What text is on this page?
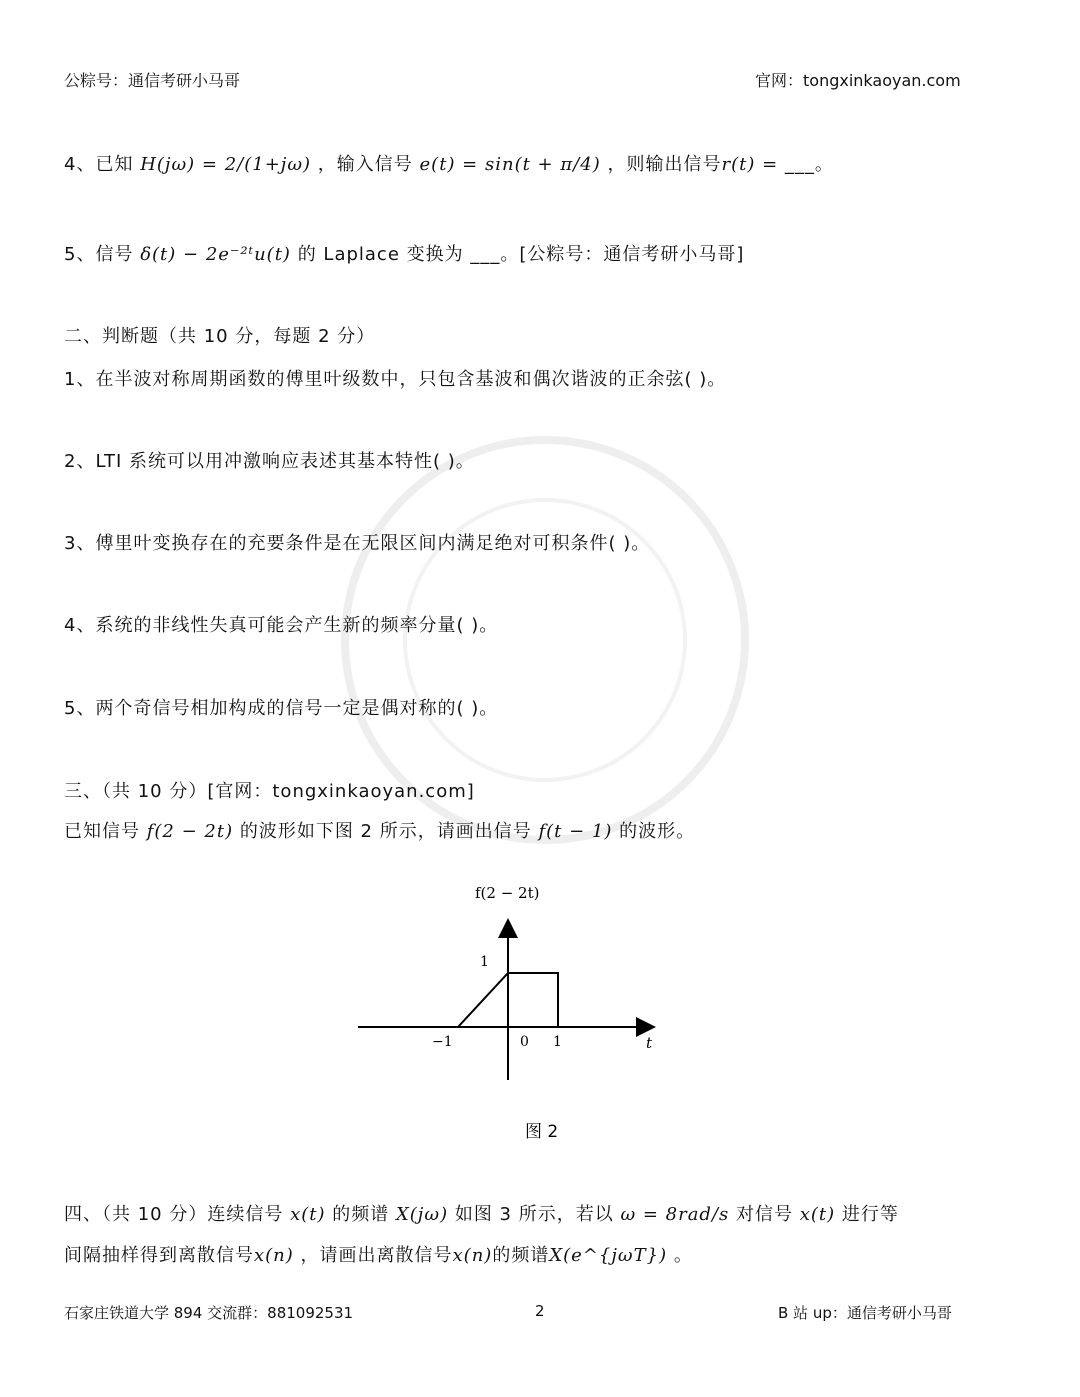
公粽号：通信考研小马哥	官网：tongxinkaoyan.com
4、已知 H(jω) = 2/(1+jω) ，输入信号 e(t) = sin(t + π/4) ，则输出信号r(t) = ___。
5、信号 δ(t) − 2e⁻²ᵗu(t) 的 Laplace 变换为 ___。[公粽号：通信考研小马哥]
二、判断题（共 10 分，每题 2 分）
1、在半波对称周期函数的傅里叶级数中，只包含基波和偶次谐波的正余弦( )。
2、LTI 系统可以用冲激响应表述其基本特性( )。
3、傅里叶变换存在的充要条件是在无限区间内满足绝对可积条件( )。
4、系统的非线性失真可能会产生新的频率分量( )。
5、两个奇信号相加构成的信号一定是偶对称的( )。
三、（共 10 分）[官网：tongxinkaoyan.com]
已知信号 f(2 − 2t) 的波形如下图 2 所示，请画出信号 f(t − 1) 的波形。
f(2 − 2t)
t
1
−1	0 1
图 2
四、（共 10 分）连续信号 x(t) 的频谱 X(jω) 如图 3 所示，若以 ω = 8rad/s 对信号 x(t) 进行等
间隔抽样得到离散信号x(n) ，请画出离散信号x(n)的频谱X(e^{jωT}) 。
石家庄铁道大学 894 交流群：881092531	2	B 站 up：通信考研小马哥
